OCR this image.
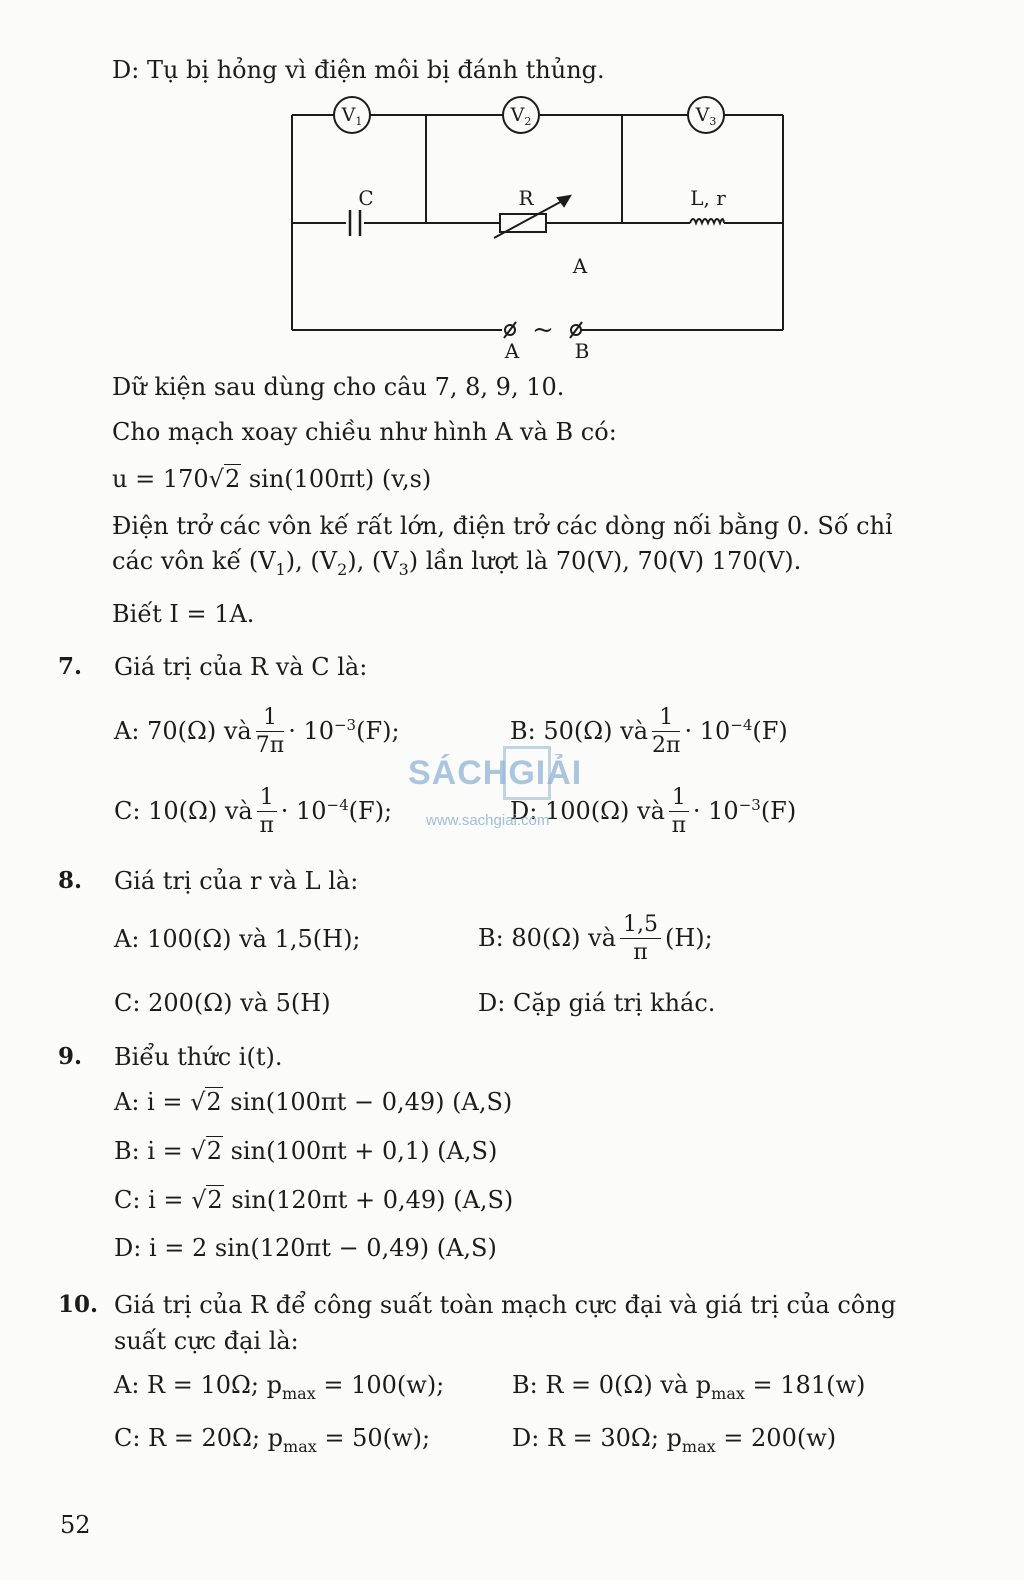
D: Tụ bị hỏng vì điện môi bị đánh thủng.
$V_1$	$V_2$	$V_3$
C	R	L, r
A
~
A	B
Dữ kiện sau dùng cho câu 7, 8, 9, 10.
Cho mạch xoay chiều như hình A và B có:
u = 170√2 sin(100πt) (v,s)
Điện trở các vôn kế rất lớn, điện trở các dòng nối bằng 0. Số chỉ
các vôn kế $(V_1)$, $(V_2)$, $(V_3)$ lần lượt là 70(V), 70(V) 170(V).
Biết I = 1A.
7. Giá trị của R và C là:
A: 70(Ω) và $\frac{1}{7\pi} \cdot 10^{-3}(F)$;	B: 50(Ω) và $\frac{1}{2\pi} \cdot 10^{-4}(F)$
C: 10(Ω) và $\frac{1}{\pi} \cdot 10^{-4}(F)$;	D: 100(Ω) và $\frac{1}{\pi} \cdot 10^{-3}(F)$
SÁCHGIẢI
www.sachgiai.com
8. Giá trị của r và L là:
A: 100(Ω) và 1,5(H);	B: 80(Ω) và $\frac{1,5}{\pi} (H)$;
C: 200(Ω) và 5(H)	D: Cặp giá trị khác.
9. Biểu thức i(t).
A: i = √2 sin(100πt − 0,49) (A,S)
B: i = √2 sin(100πt + 0,1) (A,S)
C: i = √2 sin(120πt + 0,49) (A,S)
D: i = 2 sin(120πt − 0,49) (A,S)
10. Giá trị của R để công suất toàn mạch cực đại và giá trị của công
suất cực đại là:
A: R = 10Ω; $p_{max} = 100(w)$;	B: R = 0(Ω) và $p_{max} = 181(w)$
C: R = 20Ω; $p_{max} = 50(w)$;	D: R = 30Ω; $p_{max} = 200(w)$
52
